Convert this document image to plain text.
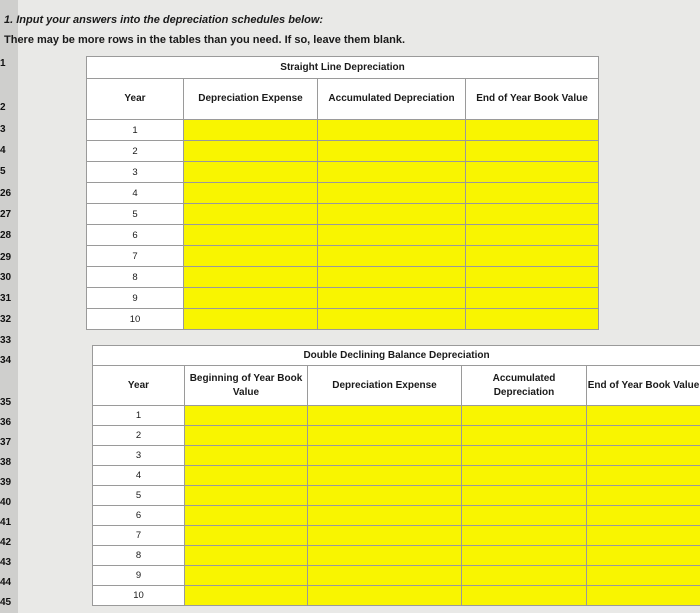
1
2
3
4
5
26
27
28
29
30
31
32
33
34
35
36
37
38
39
40
41
42
43
44
45
1. Input your answers into the depreciation schedules below:
There may be more rows in the tables than you need. If so, leave them blank.
Straight Line Depreciation			
Year	Depreciation Expense	Accumulated Depreciation	End of Year Book Value
1			
2			
3			
4			
5			
6			
7			
8			
9			
10			
Double Declining Balance Depreciation				
Year	Beginning of Year Book Value	Depreciation Expense	Accumulated Depreciation	End of Year Book Value
1				
2				
3				
4				
5				
6				
7				
8				
9				
10				
